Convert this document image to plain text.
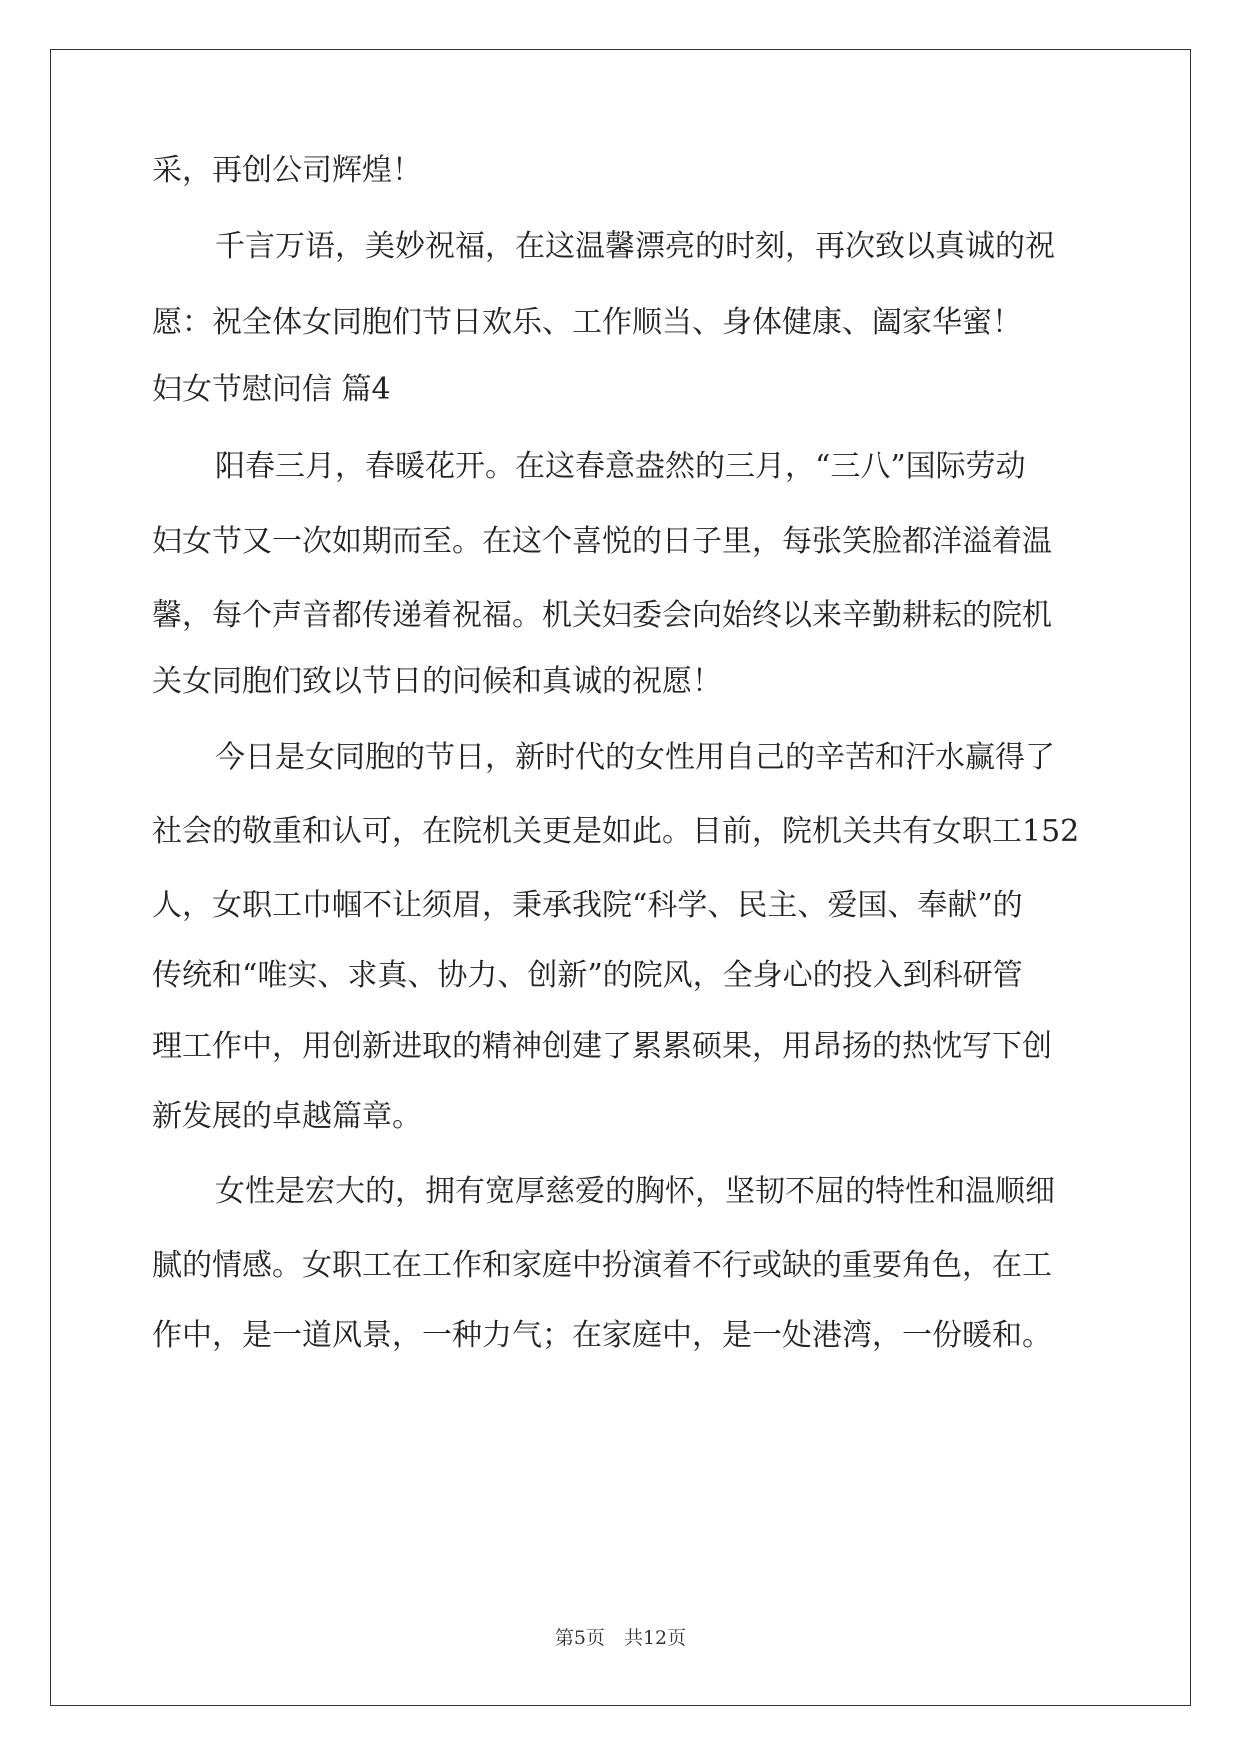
采，再创公司辉煌！

千言万语，美妙祝福，在这温馨漂亮的时刻，再次致以真诚的祝

愿：祝全体女同胞们节日欢乐、工作顺当、身体健康、阖家华蜜！

妇女节慰问信 篇4

阳春三月，春暖花开。在这春意盎然的三月，“三八”国际劳动

妇女节又一次如期而至。在这个喜悦的日子里，每张笑脸都洋溢着温

馨，每个声音都传递着祝福。机关妇委会向始终以来辛勤耕耘的院机

关女同胞们致以节日的问候和真诚的祝愿！

今日是女同胞的节日，新时代的女性用自己的辛苦和汗水赢得了

社会的敬重和认可，在院机关更是如此。目前，院机关共有女职工152

人，女职工巾帼不让须眉，秉承我院“科学、民主、爱国、奉献”的

传统和“唯实、求真、协力、创新”的院风，全身心的投入到科研管

理工作中，用创新进取的精神创建了累累硕果，用昂扬的热忱写下创

新发展的卓越篇章。

女性是宏大的，拥有宽厚慈爱的胸怀，坚韧不屈的特性和温顺细

腻的情感。女职工在工作和家庭中扮演着不行或缺的重要角色，在工

作中，是一道风景，一种力气；在家庭中，是一处港湾，一份暖和。

第5页　共12页
